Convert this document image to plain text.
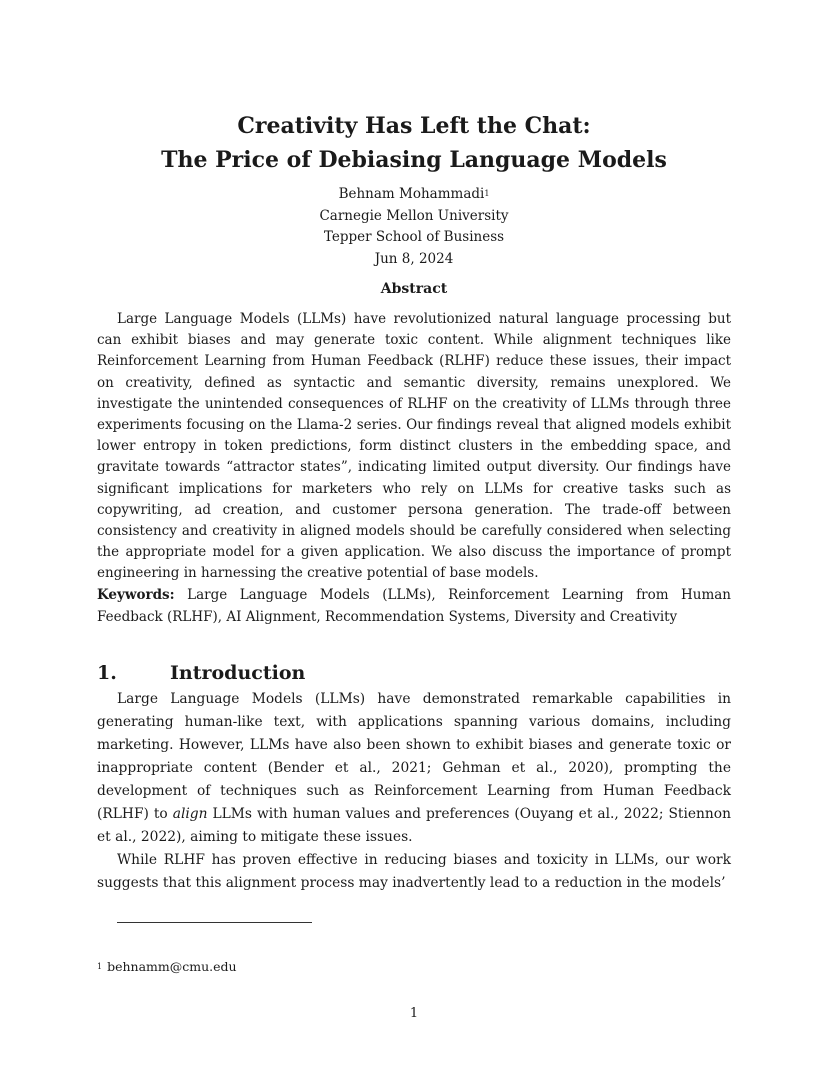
Creativity Has Left the Chat:
The Price of Debiasing Language Models
Behnam Mohammadi$^1$
Carnegie Mellon University
Tepper School of Business
Jun 8, 2024
Abstract

Large Language Models (LLMs) have revolutionized natural language processing but can exhibit biases and may generate toxic content. While alignment techniques like Reinforcement Learning from Human Feedback (RLHF) reduce these issues, their impact on creativity, defined as syntactic and semantic diversity, remains unexplored. We investigate the unintended consequences of RLHF on the creativity of LLMs through three experiments focusing on the Llama-2 series. Our findings reveal that aligned models exhibit lower entropy in token predictions, form distinct clusters in the embedding space, and gravitate towards “attractor states”, indicating limited output diversity. Our findings have significant implications for marketers who rely on LLMs for creative tasks such as copywriting, ad creation, and customer persona generation. The trade-off between consistency and creativity in aligned models should be carefully considered when selecting the appropriate model for a given application. We also discuss the importance of prompt engineering in harnessing the creative potential of base models.

Keywords: Large Language Models (LLMs), Reinforcement Learning from Human Feedback (RLHF), AI Alignment, Recommendation Systems, Diversity and Creativity

1.	Introduction

Large Language Models (LLMs) have demonstrated remarkable capabilities in generating human-like text, with applications spanning various domains, including marketing. However, LLMs have also been shown to exhibit biases and generate toxic or inappropriate content (Bender et al., 2021; Gehman et al., 2020), prompting the development of techniques such as Reinforcement Learning from Human Feedback (RLHF) to align LLMs with human values and preferences (Ouyang et al., 2022; Stiennon et al., 2022), aiming to mitigate these issues.

While RLHF has proven effective in reducing biases and toxicity in LLMs, our work suggests that this alignment process may inadvertently lead to a reduction in the models’

$^1$ behnamm@cmu.edu
1
